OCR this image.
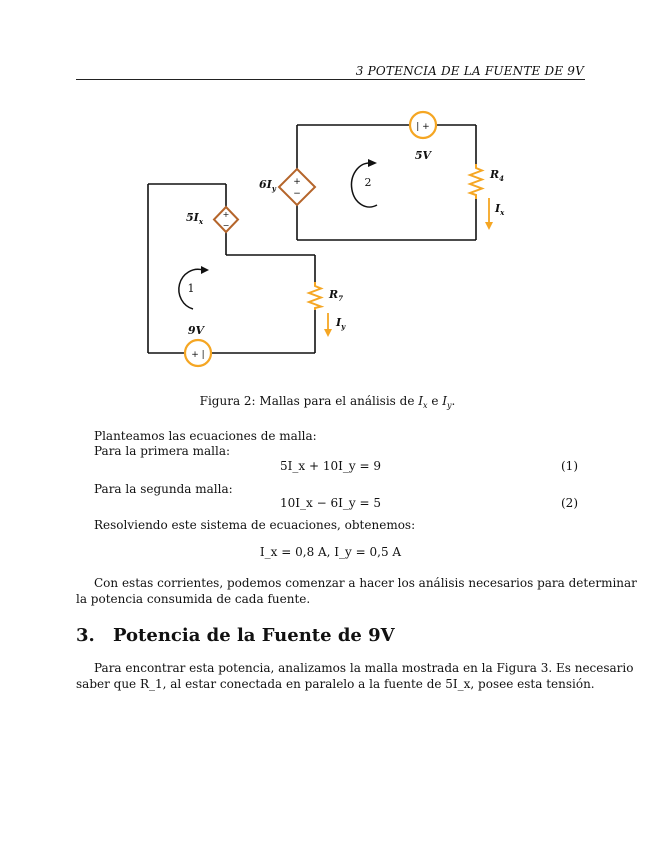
3 POTENCIA DE LA FUENTE DE 9V
| +
5V
+ |
9V
+
−
$6I_y$
+
−
$5I_x$
$R_4$
$R_7$
$I_x$
$I_y$
2
1
Figura 2: Mallas para el análisis de $I_x$ e $I_y$.
Planteamos las ecuaciones de malla:
Para la primera malla:
5I_x + 10I_y = 9	(1)
Para la segunda malla:
10I_x − 6I_y = 5	(2)
Resolviendo este sistema de ecuaciones, obtenemos:
I_x = 0,8 A, I_y = 0,5 A
Con estas corrientes, podemos comenzar a hacer los análisis necesarios para determinar
la potencia consumida de cada fuente.
3. Potencia de la Fuente de 9V
Para encontrar esta potencia, analizamos la malla mostrada en la Figura 3. Es necesario
saber que R_1, al estar conectada en paralelo a la fuente de 5I_x, posee esta tensión.
